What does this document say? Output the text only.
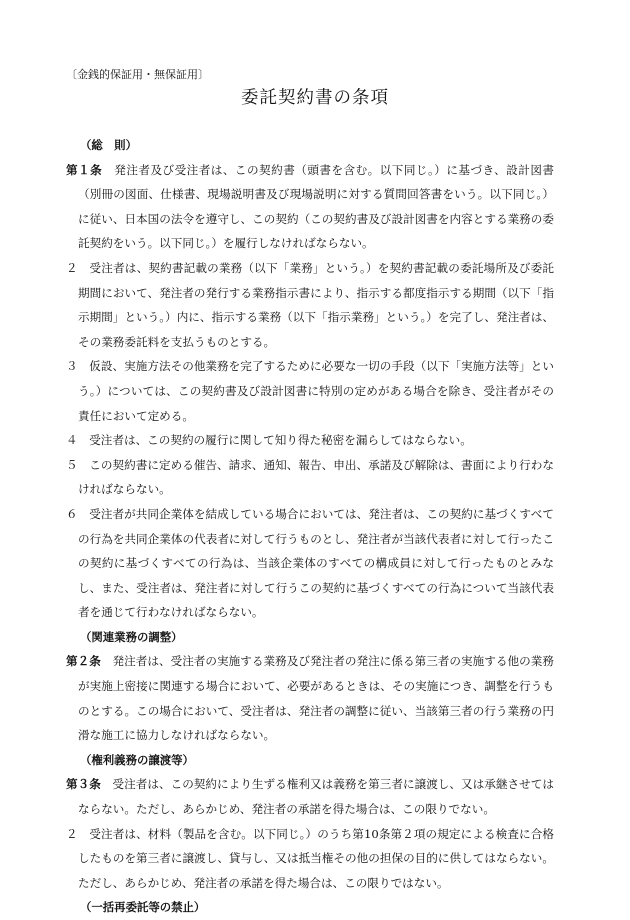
〔金銭的保証用・無保証用〕
委託契約書の条項
（総　則）
第１条　発注者及び受注者は、この契約書（頭書を含む。以下同じ。）に基づき、設計図書（別冊の図面、仕様書、現場説明書及び現場説明に対する質問回答書をいう。以下同じ。）に従い、日本国の法令を遵守し、この契約（この契約書及び設計図書を内容とする業務の委託契約をいう。以下同じ。）を履行しなければならない。
２　受注者は、契約書記載の業務（以下「業務」という。）を契約書記載の委託場所及び委託期間において、発注者の発行する業務指示書により、指示する都度指示する期間（以下「指示期間」という。）内に、指示する業務（以下「指示業務」という。）を完了し、発注者は、その業務委託料を支払うものとする。
３　仮設、実施方法その他業務を完了するために必要な一切の手段（以下「実施方法等」という。）については、この契約書及び設計図書に特別の定めがある場合を除き、受注者がその責任において定める。
４　受注者は、この契約の履行に関して知り得た秘密を漏らしてはならない。
５　この契約書に定める催告、請求、通知、報告、申出、承諾及び解除は、書面により行わなければならない。
６　受注者が共同企業体を結成している場合においては、発注者は、この契約に基づくすべての行為を共同企業体の代表者に対して行うものとし、発注者が当該代表者に対して行ったこの契約に基づくすべての行為は、当該企業体のすべての構成員に対して行ったものとみなし、また、受注者は、発注者に対して行うこの契約に基づくすべての行為について当該代表者を通じて行わなければならない。
（関連業務の調整）
第２条　発注者は、受注者の実施する業務及び発注者の発注に係る第三者の実施する他の業務が実施上密接に関連する場合において、必要があるときは、その実施につき、調整を行うものとする。この場合において、受注者は、発注者の調整に従い、当該第三者の行う業務の円滑な施工に協力しなければならない。
（権利義務の譲渡等）
第３条　受注者は、この契約により生ずる権利又は義務を第三者に譲渡し、又は承継させてはならない。ただし、あらかじめ、発注者の承諾を得た場合は、この限りでない。
２　受注者は、材料（製品を含む。以下同じ。）のうち第10条第２項の規定による検査に合格したものを第三者に譲渡し、貸与し、又は抵当権その他の担保の目的に供してはならない。ただし、あらかじめ、発注者の承諾を得た場合は、この限りではない。
（一括再委託等の禁止）
